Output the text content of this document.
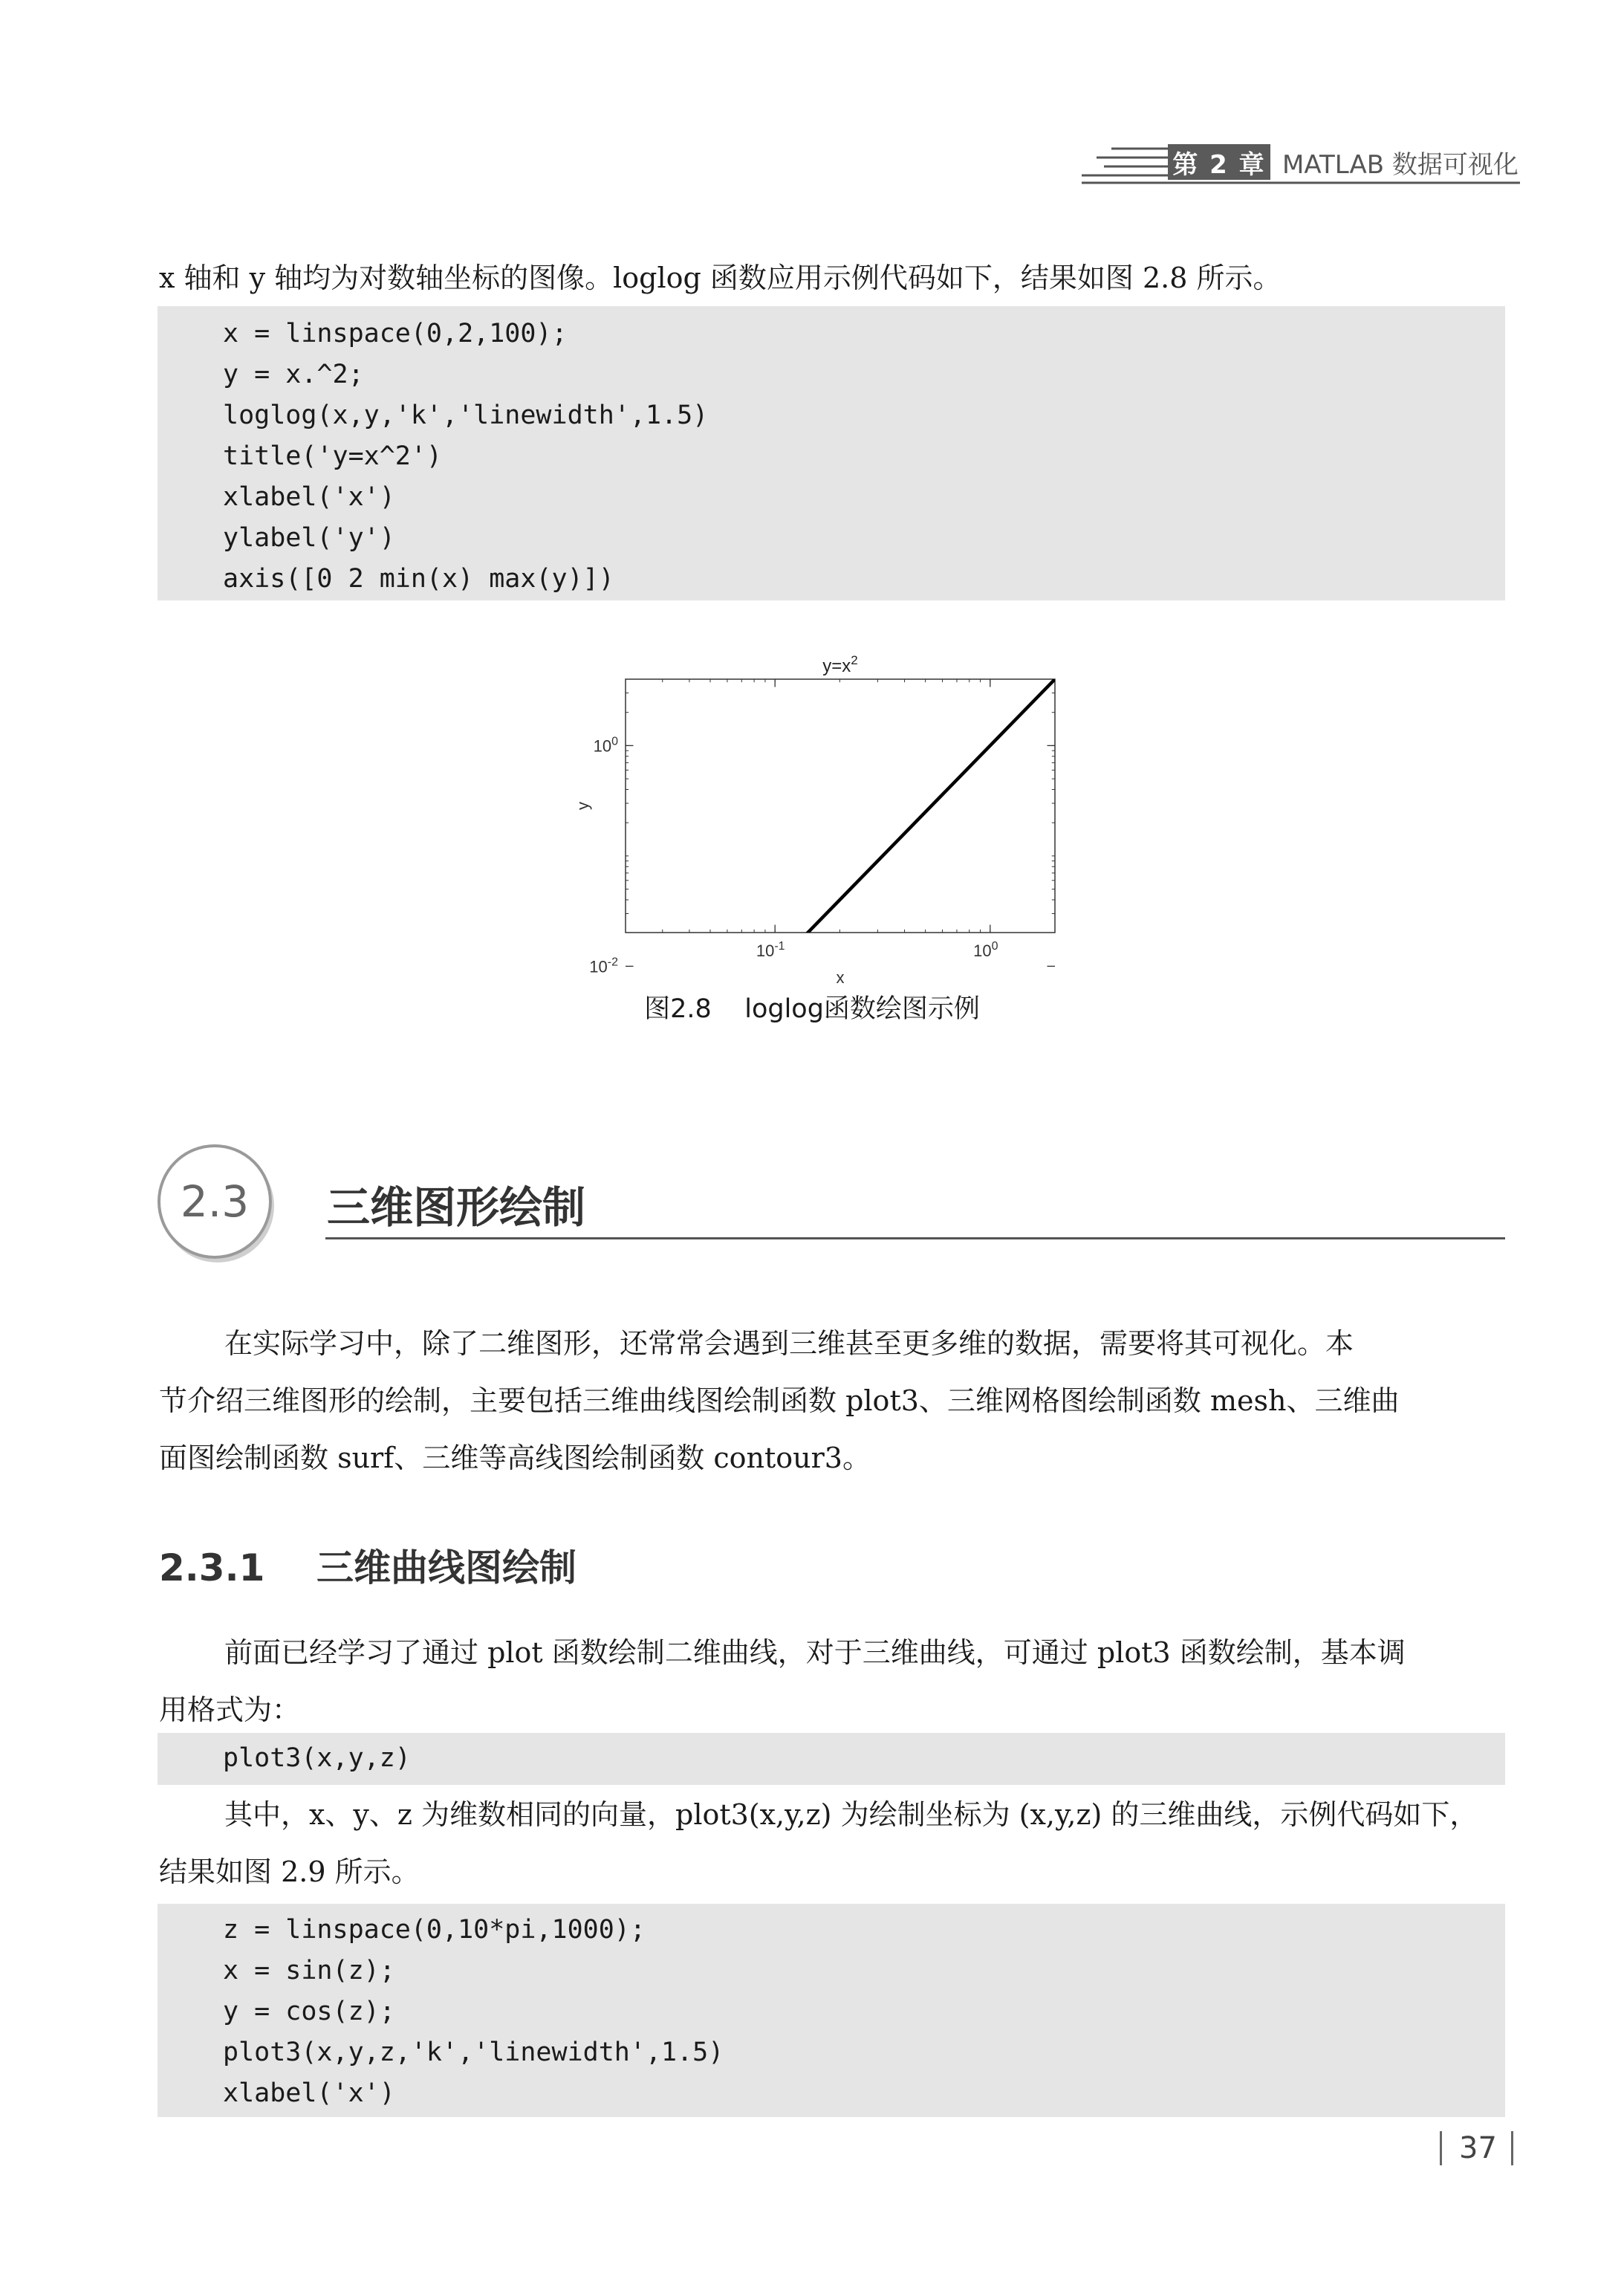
第 2 章 MATLAB 数据可视化

x 轴和 y 轴均为对数轴坐标的图像。loglog 函数应用示例代码如下，结果如图 2.8 所示。

x = linspace(0,2,100);
y = x.^2;
loglog(x,y,'k','linewidth',1.5)
title('y=x^2')
xlabel('x')
ylabel('y')
axis([0 2 min(x) max(y)])
$10^{-1}$	$10^0$
$10^0$
$10^{-2}$
$y=x^2$
x
y
图2.8    loglog函数绘图示例
2.3	三维图形绘制
在实际学习中，除了二维图形，还常常会遇到三维甚至更多维的数据，需要将其可视化。本
节介绍三维图形的绘制，主要包括三维曲线图绘制函数 plot3、三维网格图绘制函数 mesh、三维曲
面图绘制函数 surf、三维等高线图绘制函数 contour3。
2.3.1 三维曲线图绘制
前面已经学习了通过 plot 函数绘制二维曲线，对于三维曲线，可通过 plot3 函数绘制，基本调
用格式为：
plot3(x,y,z)
其中，x、y、z 为维数相同的向量，plot3(x,y,z) 为绘制坐标为 (x,y,z) 的三维曲线，示例代码如下，
结果如图 2.9 所示。
z = linspace(0,10*pi,1000);
x = sin(z);
y = cos(z);
plot3(x,y,z,'k','linewidth',1.5)
xlabel('x')
37
